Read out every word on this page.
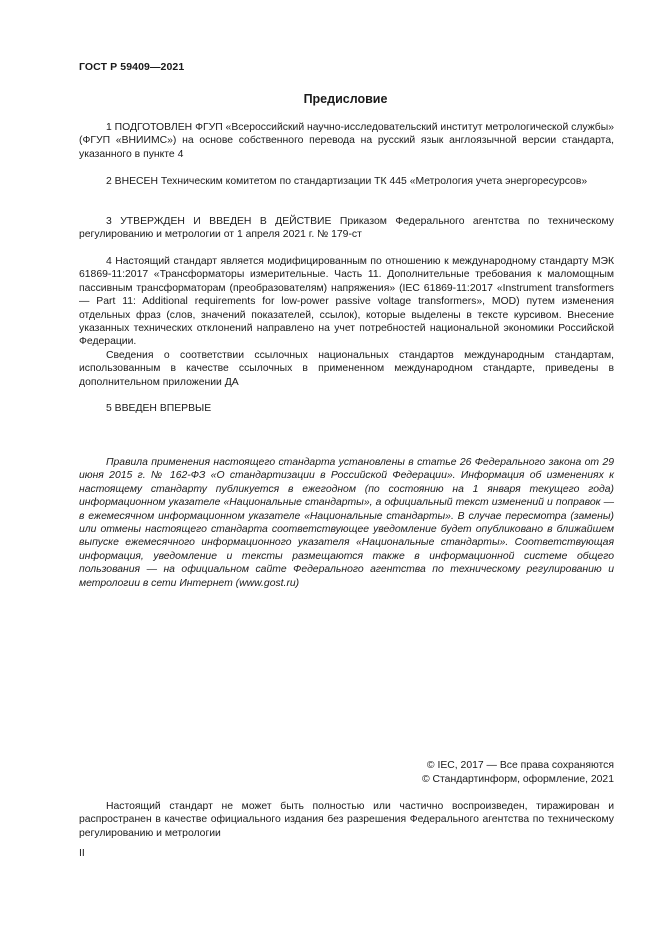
ГОСТ Р 59409—2021
Предисловие

1 ПОДГОТОВЛЕН ФГУП «Всероссийский научно-исследовательский институт метрологической службы» (ФГУП «ВНИИМС») на основе собственного перевода на русский язык англоязычной версии стандарта, указанного в пункте 4

2 ВНЕСЕН Техническим комитетом по стандартизации ТК 445 «Метрология учета энергоресурсов»

3 УТВЕРЖДЕН И ВВЕДЕН В ДЕЙСТВИЕ Приказом Федерального агентства по техническому регулированию и метрологии от 1 апреля 2021 г. № 179-ст

4 Настоящий стандарт является модифицированным по отношению к международному стандарту МЭК 61869-11:2017 «Трансформаторы измерительные. Часть 11. Дополнительные требования к маломощным пассивным трансформаторам (преобразователям) напряжения» (IEC 61869-11:2017 «Instrument transformers — Part 11: Additional requirements for low-power passive voltage transformers», MOD) путем изменения отдельных фраз (слов, значений показателей, ссылок), которые выделены в тексте курсивом. Внесение указанных технических отклонений направлено на учет потребностей национальной экономики Российской Федерации.

Сведения о соответствии ссылочных национальных стандартов международным стандартам, использованным в качестве ссылочных в примененном международном стандарте, приведены в дополнительном приложении ДА

5 ВВЕДЕН ВПЕРВЫЕ

Правила применения настоящего стандарта установлены в статье 26 Федерального закона от 29 июня 2015 г. № 162-ФЗ «О стандартизации в Российской Федерации». Информация об изменениях к настоящему стандарту публикуется в ежегодном (по состоянию на 1 января текущего года) информационном указателе «Национальные стандарты», а официальный текст изменений и поправок — в ежемесячном информационном указателе «Национальные стандарты». В случае пересмотра (замены) или отмены настоящего стандарта соответствующее уведомление будет опубликовано в ближайшем выпуске ежемесячного информационного указателя «Национальные стандарты». Соответствующая информация, уведомление и тексты размещаются также в информационной системе общего пользования — на официальном сайте Федерального агентства по техническому регулированию и метрологии в сети Интернет (www.gost.ru)

© IEC, 2017 — Все права сохраняются

© Стандартинформ, оформление, 2021

Настоящий стандарт не может быть полностью или частично воспроизведен, тиражирован и распространен в качестве официального издания без разрешения Федерального агентства по техническому регулированию и метрологии

II
